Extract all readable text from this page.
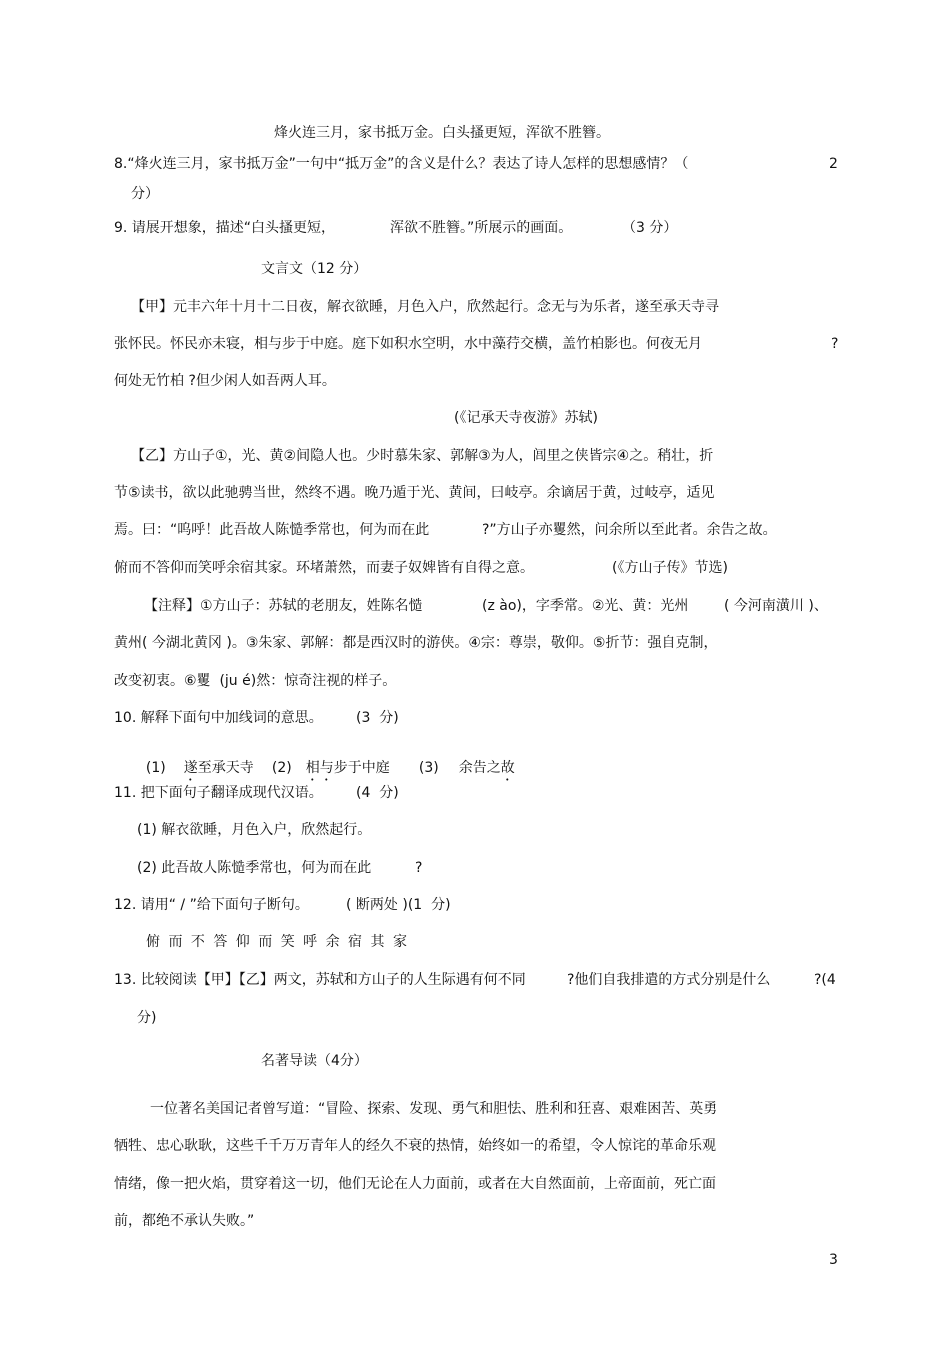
烽火连三月，家书抵万金。白头搔更短，浑欲不胜簪。
8.“烽火连三月，家书抵万金”一句中“抵万金”的含义是什么？表达了诗人怎样的思想感情？（	2
分）
9. 请展开想象，描述“白头搔更短，	浑欲不胜簪。”所展示的画面。	（3 分）
文言文（12 分）
【甲】元丰六年十月十二日夜，解衣欲睡，月色入户，欣然起行。念无与为乐者，遂至承天寺寻
张怀民。怀民亦未寝，相与步于中庭。庭下如积水空明，水中藻荇交横，盖竹柏影也。何夜无月	?
何处无竹柏 ?但少闲人如吾两人耳。
(《记承天寺夜游》苏轼)
【乙】方山子①，光、黄②间隐人也。少时慕朱家、郭解③为人，闾里之侠皆宗④之。稍壮，折
节⑤读书，欲以此驰骋当世，然终不遇。晚乃遁于光、黄间，曰岐亭。余谪居于黄，过岐亭，适见
焉。曰：“呜呼！此吾故人陈慥季常也，何为而在此	?”方山子亦矍然，问余所以至此者。余告之故。
俯而不答仰而笑呼余宿其家。环堵萧然，而妻子奴婢皆有自得之意。	(《方山子传》节选)
【注释】①方山子：苏轼的老朋友，姓陈名慥	(z ào)，字季常。②光、黄：光州	( 今河南潢川 )、
黄州( 今湖北黄冈 )。③朱家、郭解：都是西汉时的游侠。④宗：尊崇，敬仰。⑤折节：强自克制，
改变初衷。⑥矍  (ju é)然：惊奇注视的样子。
10. 解释下面句中加线词的意思。 (3  分)

(1) 遂至承天寺	(2) 相与步于中庭	(3) 余告之故

11. 把下面句子翻译成现代汉语。 (4  分)
(1) 解衣欲睡，月色入户，欣然起行。
(2) 此吾故人陈慥季常也，何为而在此	?
12. 请用“ / ”给下面句子断句。	( 断两处 )(1  分)
俯 而 不 答 仰 而 笑 呼 余 宿 其 家
13. 比较阅读【甲】【乙】两文，苏轼和方山子的人生际遇有何不同	?他们自我排遣的方式分别是什么	?(4
分)
名著导读（4分）
一位著名美国记者曾写道：“冒险、探索、发现、勇气和胆怯、胜利和狂喜、艰难困苦、英勇
牺牲、忠心耿耿，这些千千万万青年人的经久不衰的热情，始终如一的希望，令人惊诧的革命乐观
情绪，像一把火焰，贯穿着这一切，他们无论在人力面前，或者在大自然面前，上帝面前，死亡面
前，都绝不承认失败。”
3
